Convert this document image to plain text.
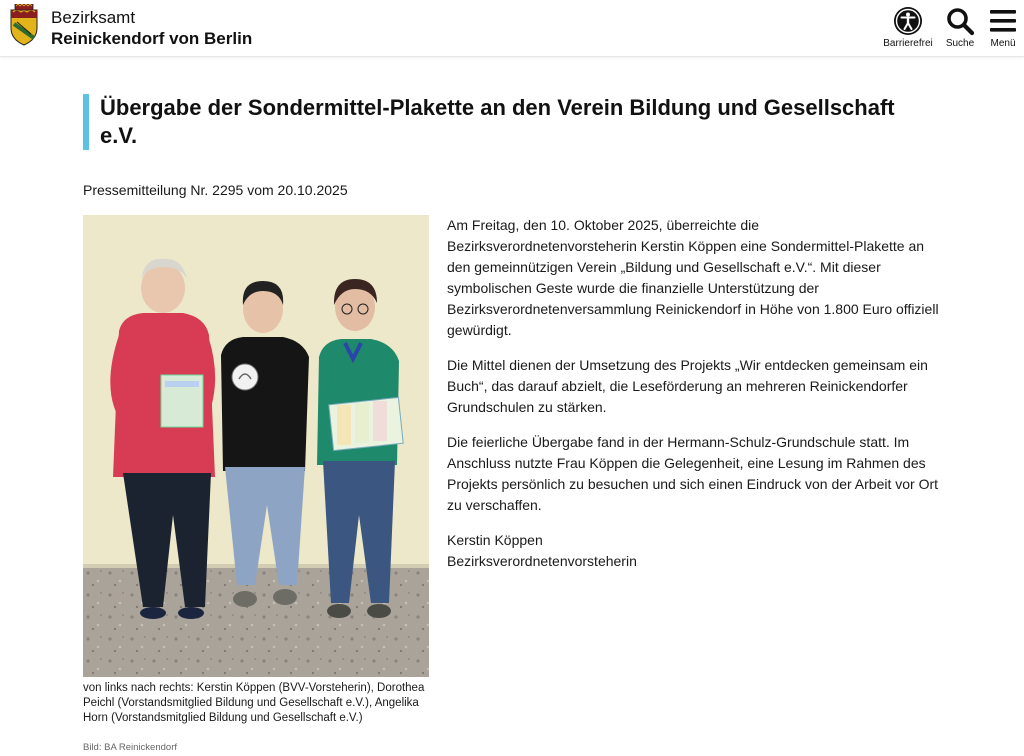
Bezirksamt
Reinickendorf von Berlin	Barrierefrei	Suche	Menü
Übergabe der Sondermittel-Plakette an den Verein Bildung und Gesellschaft e.V.
Pressemitteilung Nr. 2295 vom 20.10.2025
von links nach rechts: Kerstin Köppen (BVV-Vorsteherin), Dorothea Peichl (Vorstandsmitglied Bildung und Gesellschaft e.V.), Angelika Horn (Vorstandsmitglied Bildung und Gesellschaft e.V.)
Bild: BA Reinickendorf

Am Freitag, den 10. Oktober 2025, überreichte die Bezirksverordnetenvorsteherin Kerstin Köppen eine Sondermittel-Plakette an den gemeinnützigen Verein „Bildung und Gesellschaft e.V.“. Mit dieser symbolischen Geste wurde die finanzielle Unterstützung der Bezirksverordnetenversammlung Reinickendorf in Höhe von 1.800 Euro offiziell gewürdigt.

Die Mittel dienen der Umsetzung des Projekts „Wir entdecken gemeinsam ein Buch“, das darauf abzielt, die Leseförderung an mehreren Reinickendorfer Grundschulen zu stärken.

Die feierliche Übergabe fand in der Hermann-Schulz-Grundschule statt. Im Anschluss nutzte Frau Köppen die Gelegenheit, eine Lesung im Rahmen des Projekts persönlich zu besuchen und sich einen Eindruck von der Arbeit vor Ort zu verschaffen.

Kerstin Köppen
Bezirksverordnetenvorsteherin
